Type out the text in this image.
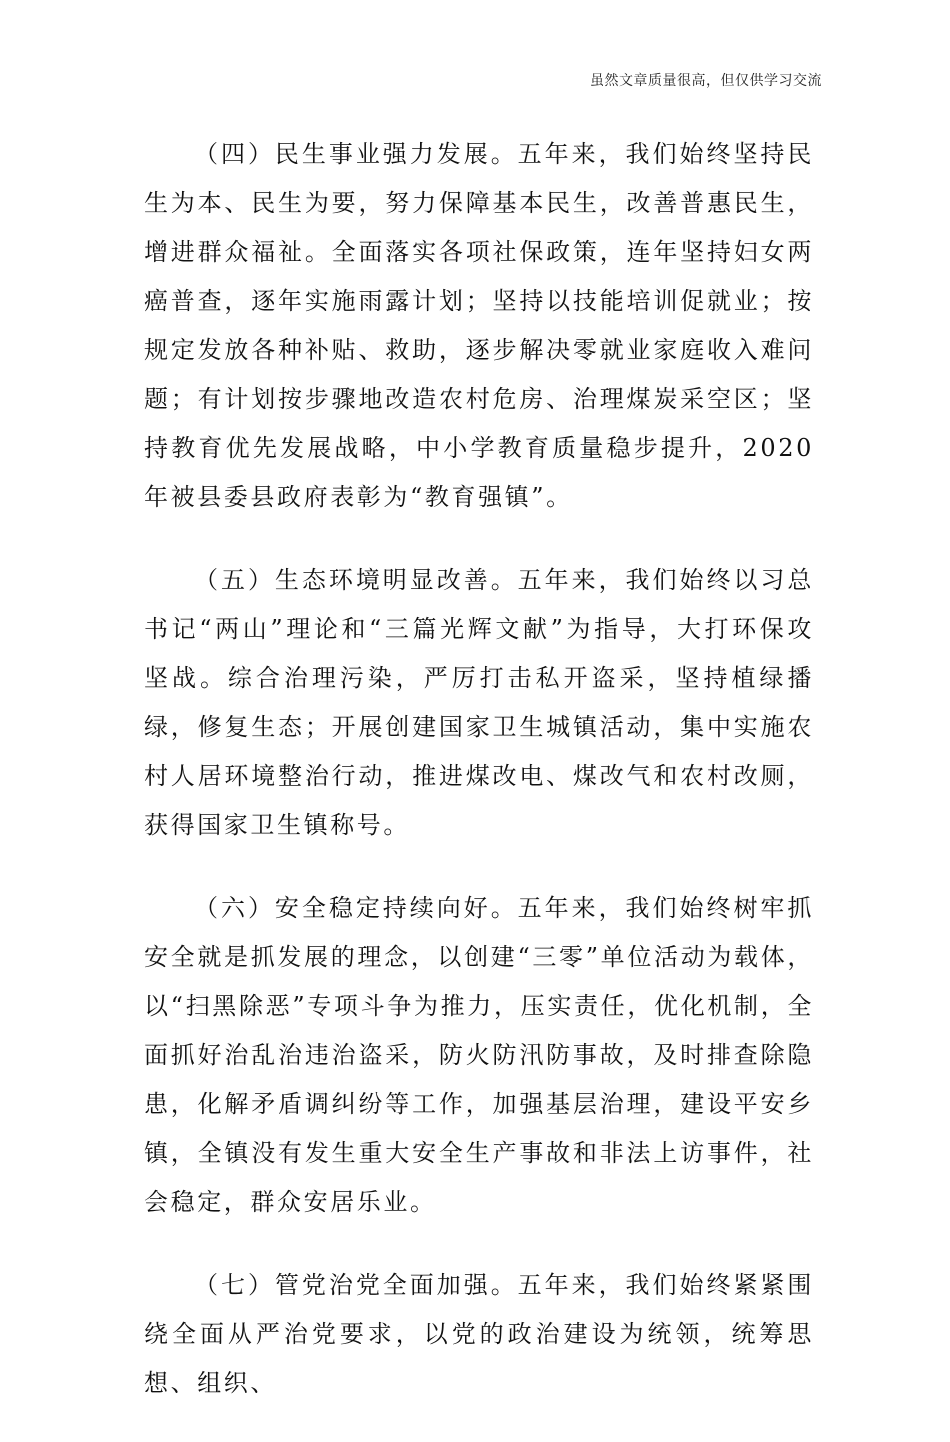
虽然文章质量很高，但仅供学习交流

（四）民生事业强力发展。五年来，我们始终坚持民生为本、民生为要，努力保障基本民生，改善普惠民生，增进群众福祉。全面落实各项社保政策，连年坚持妇女两癌普查，逐年实施雨露计划；坚持以技能培训促就业；按规定发放各种补贴、救助，逐步解决零就业家庭收入难问题；有计划按步骤地改造农村危房、治理煤炭采空区；坚持教育优先发展战略，中小学教育质量稳步提升，2020年被县委县政府表彰为“教育强镇”。

（五）生态环境明显改善。五年来，我们始终以习总书记“两山”理论和“三篇光辉文献”为指导，大打环保攻坚战。综合治理污染，严厉打击私开盗采，坚持植绿播绿，修复生态；开展创建国家卫生城镇活动，集中实施农村人居环境整治行动，推进煤改电、煤改气和农村改厕，获得国家卫生镇称号。

（六）安全稳定持续向好。五年来，我们始终树牢抓安全就是抓发展的理念，以创建“三零”单位活动为载体，以“扫黑除恶”专项斗争为推力，压实责任，优化机制，全面抓好治乱治违治盗采，防火防汛防事故，及时排查除隐患，化解矛盾调纠纷等工作，加强基层治理，建设平安乡镇，全镇没有发生重大安全生产事故和非法上访事件，社会稳定，群众安居乐业。

（七）管党治党全面加强。五年来，我们始终紧紧围绕全面从严治党要求，以党的政治建设为统领，统筹思想、组织、
